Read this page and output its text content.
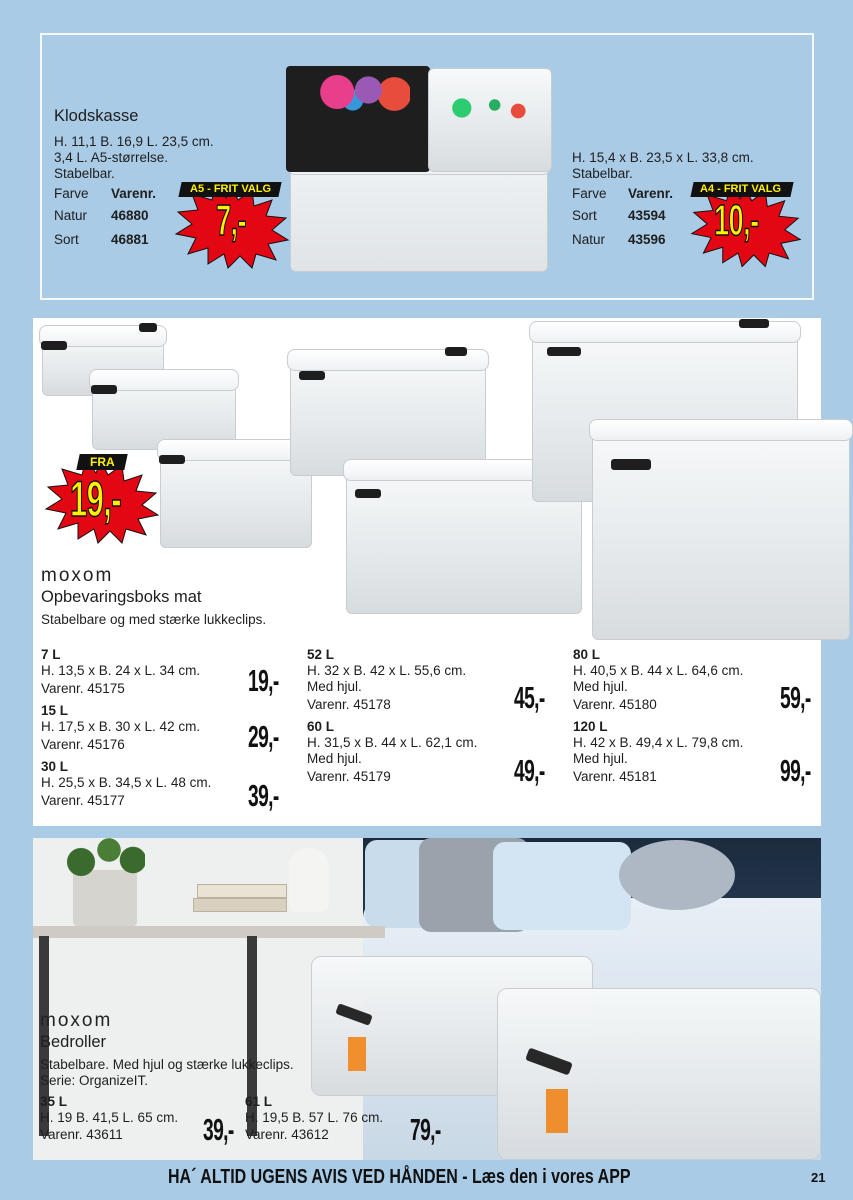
Klodskasse
H. 11,1 B. 16,9 L. 23,5 cm.
3,4 L. A5-størrelse.
Stabelbar.
Farve Varenr.
Natur 46880
Sort 46881
A5 - FRIT VALG
7,-
H. 15,4 x B. 23,5 x L. 33,8 cm.
Stabelbar.
Farve Varenr.
Sort 43594
Natur 43596
A4 - FRIT VALG
10,-
FRA
19,-
moxom
Opbevaringsboks mat
Stabelbare og med stærke lukkeclips.
7 L
H. 13,5 x B. 24 x L. 34 cm.
Varenr. 45175	19,-
15 L
H. 17,5 x B. 30 x L. 42 cm.
Varenr. 45176	29,-
30 L
H. 25,5 x B. 34,5 x L. 48 cm.
Varenr. 45177	39,-
52 L
H. 32 x B. 42 x L. 55,6 cm.
Med hjul.
Varenr. 45178	45,-
60 L
H. 31,5 x B. 44 x L. 62,1 cm.
Med hjul.
Varenr. 45179	49,-
80 L
H. 40,5 x B. 44 x L. 64,6 cm.
Med hjul.
Varenr. 45180	59,-
120 L
H. 42 x B. 49,4 x L. 79,8 cm.
Med hjul.
Varenr. 45181	99,-
moxom
Bedroller
Stabelbare. Med hjul og stærke lukkeclips.
Serie: OrganizeIT.
35 L
H. 19 B. 41,5 L. 65 cm.
Varenr. 43611	39,-
61 L
H. 19,5 B. 57 L. 76 cm.
Varenr. 43612	79,-
HA´ ALTID UGENS AVIS VED HÅNDEN - Læs den i vores APP	21
